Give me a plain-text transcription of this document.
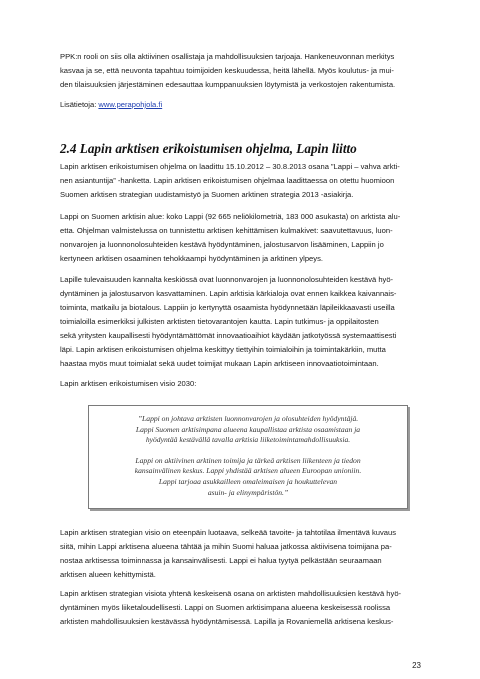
PPK:n rooli on siis olla aktiivinen osallistaja ja mahdollisuuksien tarjoaja. Hankeneuvonnan merkitys

kasvaa ja se, että neuvonta tapahtuu toimijoiden keskuudessa, heitä lähellä. Myös koulutus- ja mui-

den tilaisuuksien järjestäminen edesauttaa kumppanuuksien löytymistä ja verkostojen rakentumista.

Lisätietoja: www.perapohjola.fi
2.4 Lapin arktisen erikoistumisen ohjelma, Lapin liitto

Lapin arktisen erikoistumisen ohjelma on laadittu 15.10.2012 – 30.8.2013 osana ”Lappi – vahva arkti-

nen asiantuntija” -hanketta. Lapin arktisen erikoistumisen ohjelmaa laadittaessa on otettu huomioon

Suomen arktisen strategian uudistamistyö ja Suomen arktinen strategia 2013 -asiakirja.

Lappi on Suomen arktisin alue: koko Lappi (92 665 neliökilometriä, 183 000 asukasta) on arktista alu-

etta. Ohjelman valmistelussa on tunnistettu arktisen kehittämisen kulmakivet: saavutettavuus, luon-

nonvarojen ja luonnonolosuhteiden kestävä hyödyntäminen, jalostusarvon lisääminen, Lappiin jo

kertyneen arktisen osaaminen tehokkaampi hyödyntäminen ja arktinen ylpeys.

Lapille tulevaisuuden kannalta keskiössä ovat luonnonvarojen ja luonnonolosuhteiden kestävä hyö-

dyntäminen ja jalostusarvon kasvattaminen. Lapin arktisia kärkialoja ovat ennen kaikkea kaivannais-

toiminta, matkailu ja biotalous. Lappiin jo kertynyttä osaamista hyödynnetään läpileikkaavasti useilla

toimialoilla esimerkiksi julkisten arktisten tietovarantojen kautta. Lapin tutkimus- ja oppilaitosten

sekä yritysten kaupallisesti hyödyntämättömät innovaatioaihiot käydään jatkotyössä systemaattisesti

läpi. Lapin arktisen erikoistumisen ohjelma keskittyy tiettyihin toimialoihin ja toimintakärkiin, mutta

haastaa myös muut toimialat sekä uudet toimijat mukaan Lapin arktiseen innovaatiotoimintaan.

Lapin arktisen erikoistumisen visio 2030:

”Lappi on johtava arktisten luonnonvarojen ja olosuhteiden hyödyntäjä.

Lappi Suomen arktisimpana alueena kaupallistaa arktista osaamistaan ja

hyödyntää kestävällä tavalla arktisia liiketoimintamahdollisuuksia.

Lappi on aktiivinen arktinen toimija ja tärkeä arktisen liikenteen ja tiedon

kansainvälinen keskus. Lappi yhdistää arktisen alueen Euroopan unioniin.

Lappi tarjoaa asukkailleen omaleimaisen ja houkuttelevan

asuin- ja elinympäristön.”

Lapin arktisen strategian visio on eteenpäin luotaava, selkeää tavoite- ja tahtotilaa ilmentävä kuvaus

siitä, mihin Lappi arktisena alueena tähtää ja mihin Suomi haluaa jatkossa aktiivisena toimijana pa-

nostaa arktisessa toiminnassa ja kansainvälisesti. Lappi ei halua tyytyä pelkästään seuraamaan

arktisen alueen kehittymistä.

Lapin arktisen strategian visiota yhtenä keskeisenä osana on arktisten mahdollisuuksien kestävä hyö-

dyntäminen myös liiketaloudellisesti. Lappi on Suomen arktisimpana alueena keskeisessä roolissa

arktisten mahdollisuuksien kestävässä hyödyntämisessä. Lapilla ja Rovaniemellä arktisena keskus-

23
